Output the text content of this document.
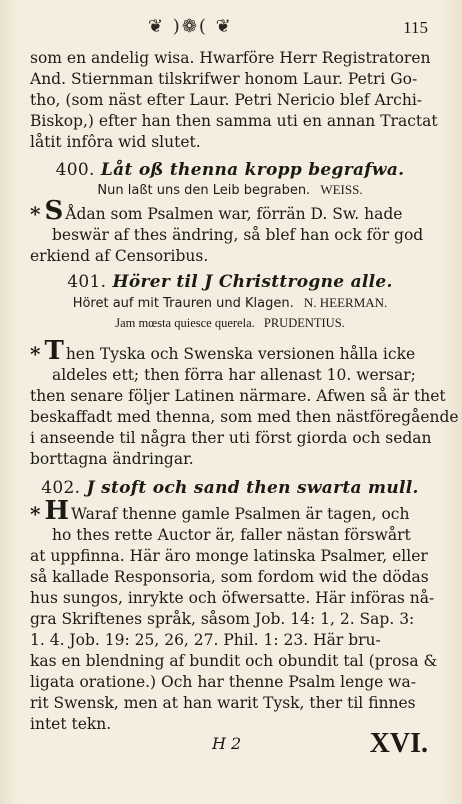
❦ )❁( ❦	115
som en andelig wisa. Hwarföre Herr Registratoren
And. Stiernman tilskrifwer honom Laur. Petri Go-
tho, (som näst efter Laur. Petri Nericio blef Archi-
Biskop,) efter han then samma uti en annan Tractat
låtit infôra wid slutet.
400. Låt oß thenna kropp begrafwa.
Nun laßt uns den Leib begraben. WEISS.
* S Ådan som Psalmen war, förrän D. Sw. hade
beswär af thes ändring, så blef han ock för god
erkiend af Censoribus.
401. Hörer til J Christtrogne alle.
Höret auf mit Trauren und Klagen. N. HEERMAN.
Jam mœsta quiesce querela. PRUDENTIUS.
* T hen Tyska och Swenska versionen hålla icke
aldeles ett; then förra har allenast 10. wersar;
then senare följer Latinen närmare. Afwen så är thet
beskaffadt med thenna, som med then nästföregående
i anseende til några ther uti först giorda och sedan
borttagna ändringar.
402. J stoft och sand then swarta mull.
* H Waraf thenne gamle Psalmen är tagen, och
ho thes rette Auctor är, faller nästan förswårt
at uppfinna. Här äro monge latinska Psalmer, eller
så kallade Responsoria, som fordom wid the dödas
hus sungos, inrykte och öfwersatte. Här införas nå-
gra Skriftenes språk, såsom Job. 14: 1, 2. Sap. 3:
1. 4. Job. 19: 25, 26, 27. Phil. 1: 23. Här bru-
kas en blendning af bundit och obundit tal (prosa &
ligata oratione.) Och har thenne Psalm lenge wa-
rit Swensk, men at han warit Tysk, ther til finnes
intet tekn.
H 2	XVI.
